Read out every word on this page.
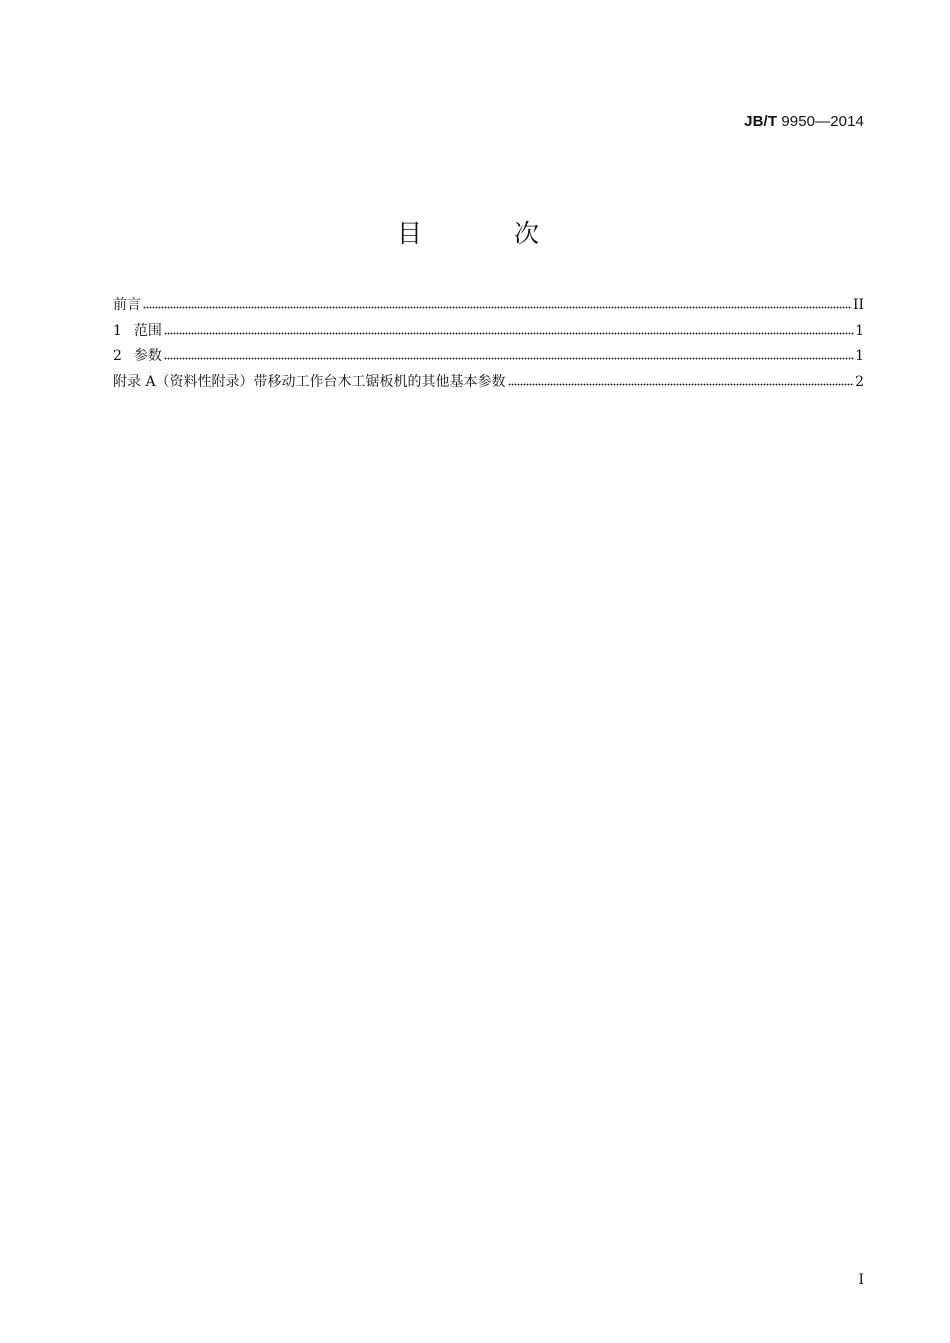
JB/T 9950—2014
目 次
前言	II
1 范围	1
2 参数	1
附录 A（资料性附录）带移动工作台木工锯板机的其他基本参数	2
I
